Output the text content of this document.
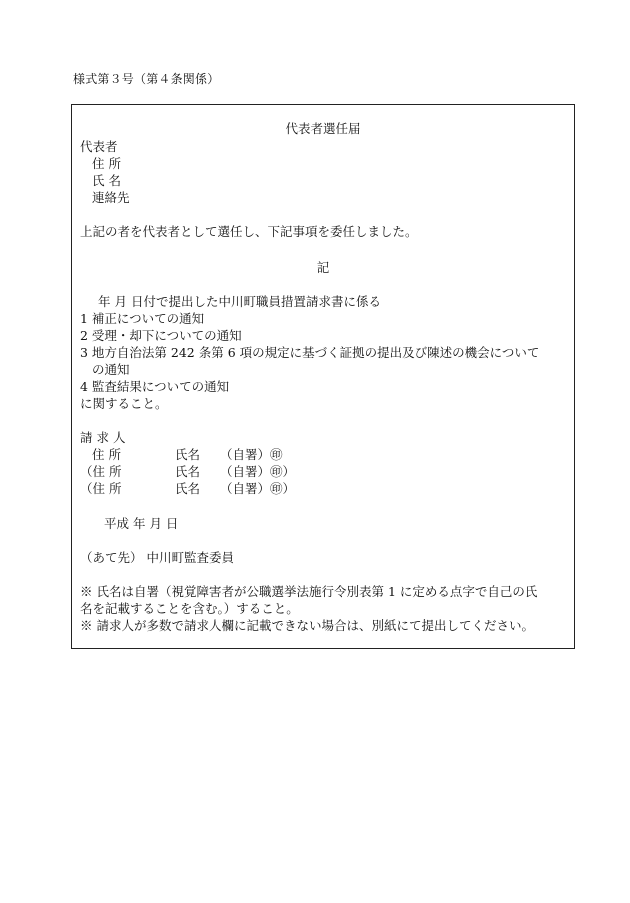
様式第３号（第４条関係）
代表者選任届
代表者
住 所
氏 名
連絡先
上記の者を代表者として選任し、下記事項を委任しました。
記
年 月 日付で提出した中川町職員措置請求書に係る
1 補正についての通知
2 受理・却下についての通知
3 地方自治法第 242 条第 6 項の規定に基づく証拠の提出及び陳述の機会について
の通知
4 監査結果についての通知
に関すること。
請 求 人
住 所	氏名 （自署）㊞
（住 所	氏名 （自署）㊞）
（住 所	氏名 （自署）㊞）
平成 年 月 日
（あて先） 中川町監査委員
※ 氏名は自署（視覚障害者が公職選挙法施行令別表第 1 に定める点字で自己の氏
名を記載することを含む。）すること。
※ 請求人が多数で請求人欄に記載できない場合は、別紙にて提出してください。
